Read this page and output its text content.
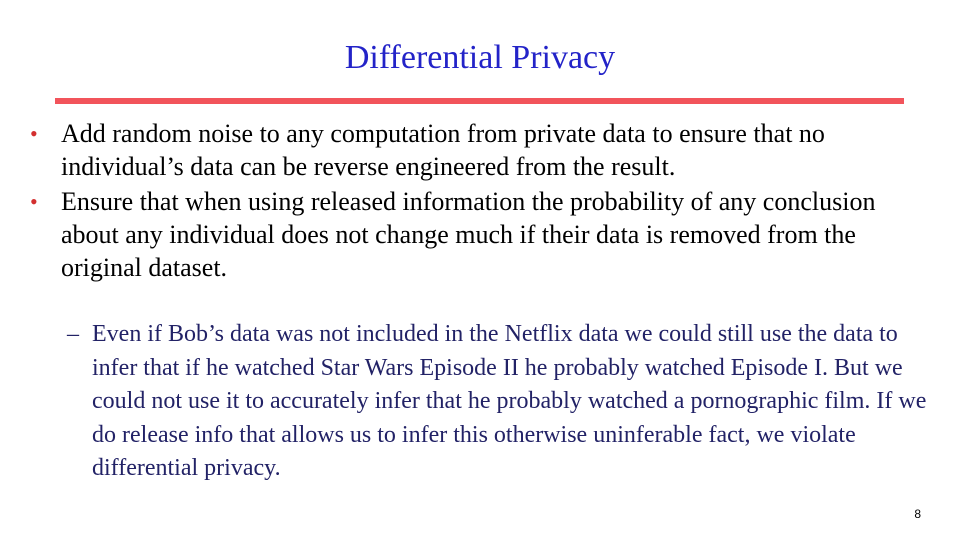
Differential Privacy
• Add random noise to any computation from private data to ensure that no individual’s data can be reverse engineered from the result.
• Ensure that when using released information the probability of any conclusion about any individual does not change much if their data is removed from the original dataset.
– Even if Bob’s data was not included in the Netflix data we could still use the data to infer that if he watched Star Wars Episode II he probably watched Episode I. But we could not use it to accurately infer that he probably watched a pornographic film. If we do release info that allows us to infer this otherwise uninferable fact, we violate differential privacy.
8
